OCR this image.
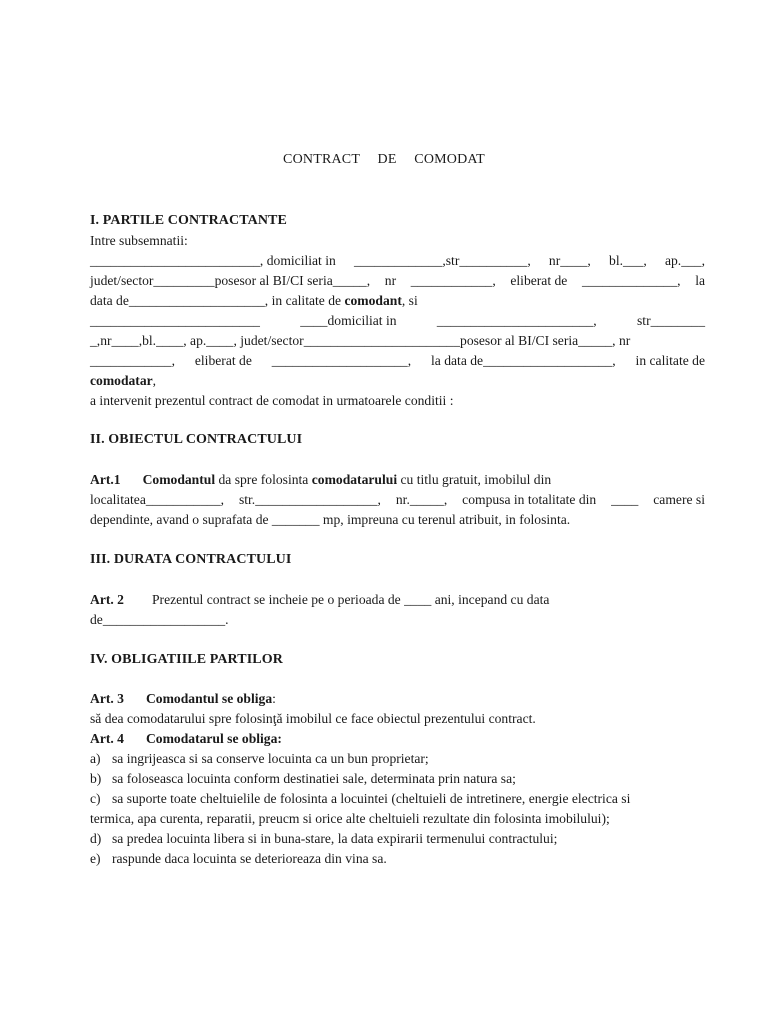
CONTRACT DE COMODAT
I. PARTILE CONTRACTANTE
Intre subsemnatii:
_________________________, domiciliat in _____________,str__________, nr____, bl.___, ap.___,
judet/sector_________posesor al BI/CI seria_____, nr ____________, eliberat de ______________, la
data de____________________, in calitate de comodant, si
_________________________	____domiciliat in	_______________________,	str________
_,nr____,bl.____, ap.____, judet/sector_______________________posesor al BI/CI seria_____, nr
____________, eliberat de ____________________, la data de___________________, in calitate de
comodatar,
a intervenit prezentul contract de comodat in urmatoarele conditii :
II. OBIECTUL CONTRACTULUI
Art.1 Comodantul da spre folosinta comodatarului cu titlu gratuit, imobilul din
localitatea___________, str.__________________, nr._____, compusa in totalitate din ____ camere si
dependinte, avand o suprafata de _______ mp, impreuna cu terenul atribuit, in folosinta.
III. DURATA CONTRACTULUI
Art. 2 Prezentul contract se incheie pe o perioada de ____ ani, incepand cu data
de__________________.
IV. OBLIGATIILE PARTILOR
Art. 3 Comodantul se obliga:
să dea comodatarului spre folosinţă imobilul ce face obiectul prezentului contract.
Art. 4 Comodatarul se obliga:
a) sa ingrijeasca si sa conserve locuinta ca un bun proprietar;
b) sa foloseasca locuinta conform destinatiei sale, determinata prin natura sa;
c) sa suporte toate cheltuielile de folosinta a locuintei (cheltuieli de intretinere, energie electrica si
termica, apa curenta, reparatii, preucm si orice alte cheltuieli rezultate din folosinta imobilului);
d) sa predea locuinta libera si in buna-stare, la data expirarii termenului contractului;
e) raspunde daca locuinta se deterioreaza din vina sa.
